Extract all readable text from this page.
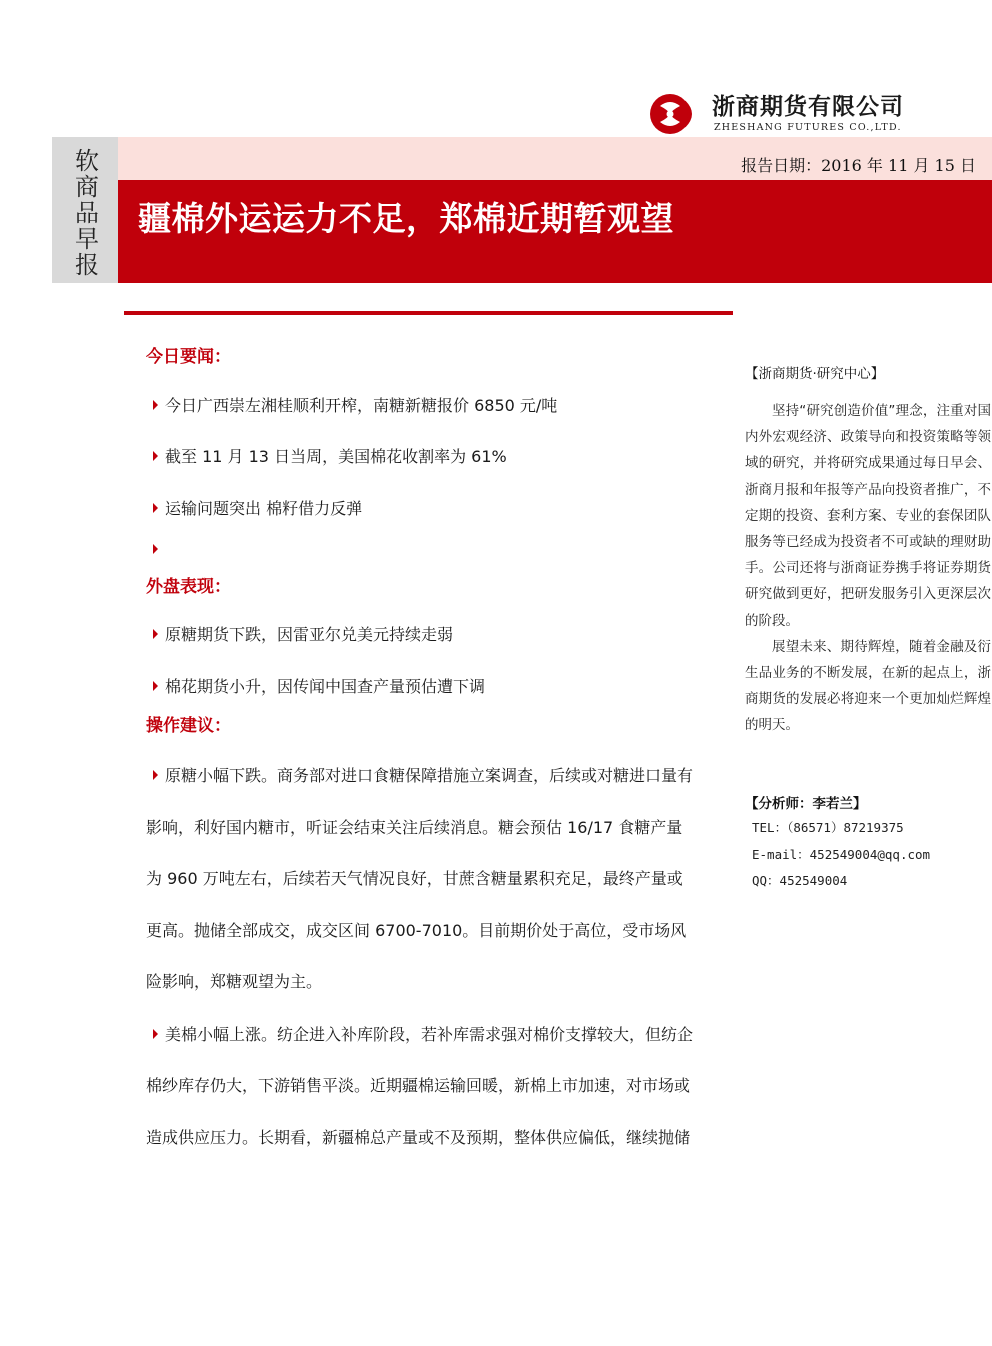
浙商期货有限公司
ZHESHANG FUTURES CO.,LTD.
软
商
品
早
报
报告日期：2016 年 11 月 15 日
疆棉外运运力不足，郑棉近期暂观望
今日要闻：
今日广西崇左湘桂顺利开榨，南糖新糖报价 6850 元/吨
截至 11 月 13 日当周，美国棉花收割率为 61%
运输问题突出 棉籽借力反弹
外盘表现：
原糖期货下跌，因雷亚尔兑美元持续走弱
棉花期货小升，因传闻中国查产量预估遭下调
操作建议：
原糖小幅下跌。商务部对进口食糖保障措施立案调查，后续或对糖进口量有
影响，利好国内糖市，听证会结束关注后续消息。糖会预估 16/17 食糖产量
为 960 万吨左右，后续若天气情况良好，甘蔗含糖量累积充足，最终产量或
更高。抛储全部成交，成交区间 6700-7010。目前期价处于高位，受市场风
险影响，郑糖观望为主。
美棉小幅上涨。纺企进入补库阶段，若补库需求强对棉价支撑较大，但纺企
棉纱库存仍大，下游销售平淡。近期疆棉运输回暖，新棉上市加速，对市场或
造成供应压力。长期看，新疆棉总产量或不及预期，整体供应偏低，继续抛储
【浙商期货·研究中心】

坚持“研究创造价值”理念，注重对国内外宏观经济、政策导向和投资策略等领域的研究，并将研究成果通过每日早会、浙商月报和年报等产品向投资者推广，不定期的投资、套利方案、专业的套保团队服务等已经成为投资者不可或缺的理财助手。公司还将与浙商证券携手将证券期货研究做到更好，把研发服务引入更深层次的阶段。

展望未来、期待辉煌，随着金融及衍生品业务的不断发展，在新的起点上，浙商期货的发展必将迎来一个更加灿烂辉煌的明天。

【分析师：李若兰】
TEL：（86571）87219375
E-mail：452549004@qq.com
QQ：452549004
